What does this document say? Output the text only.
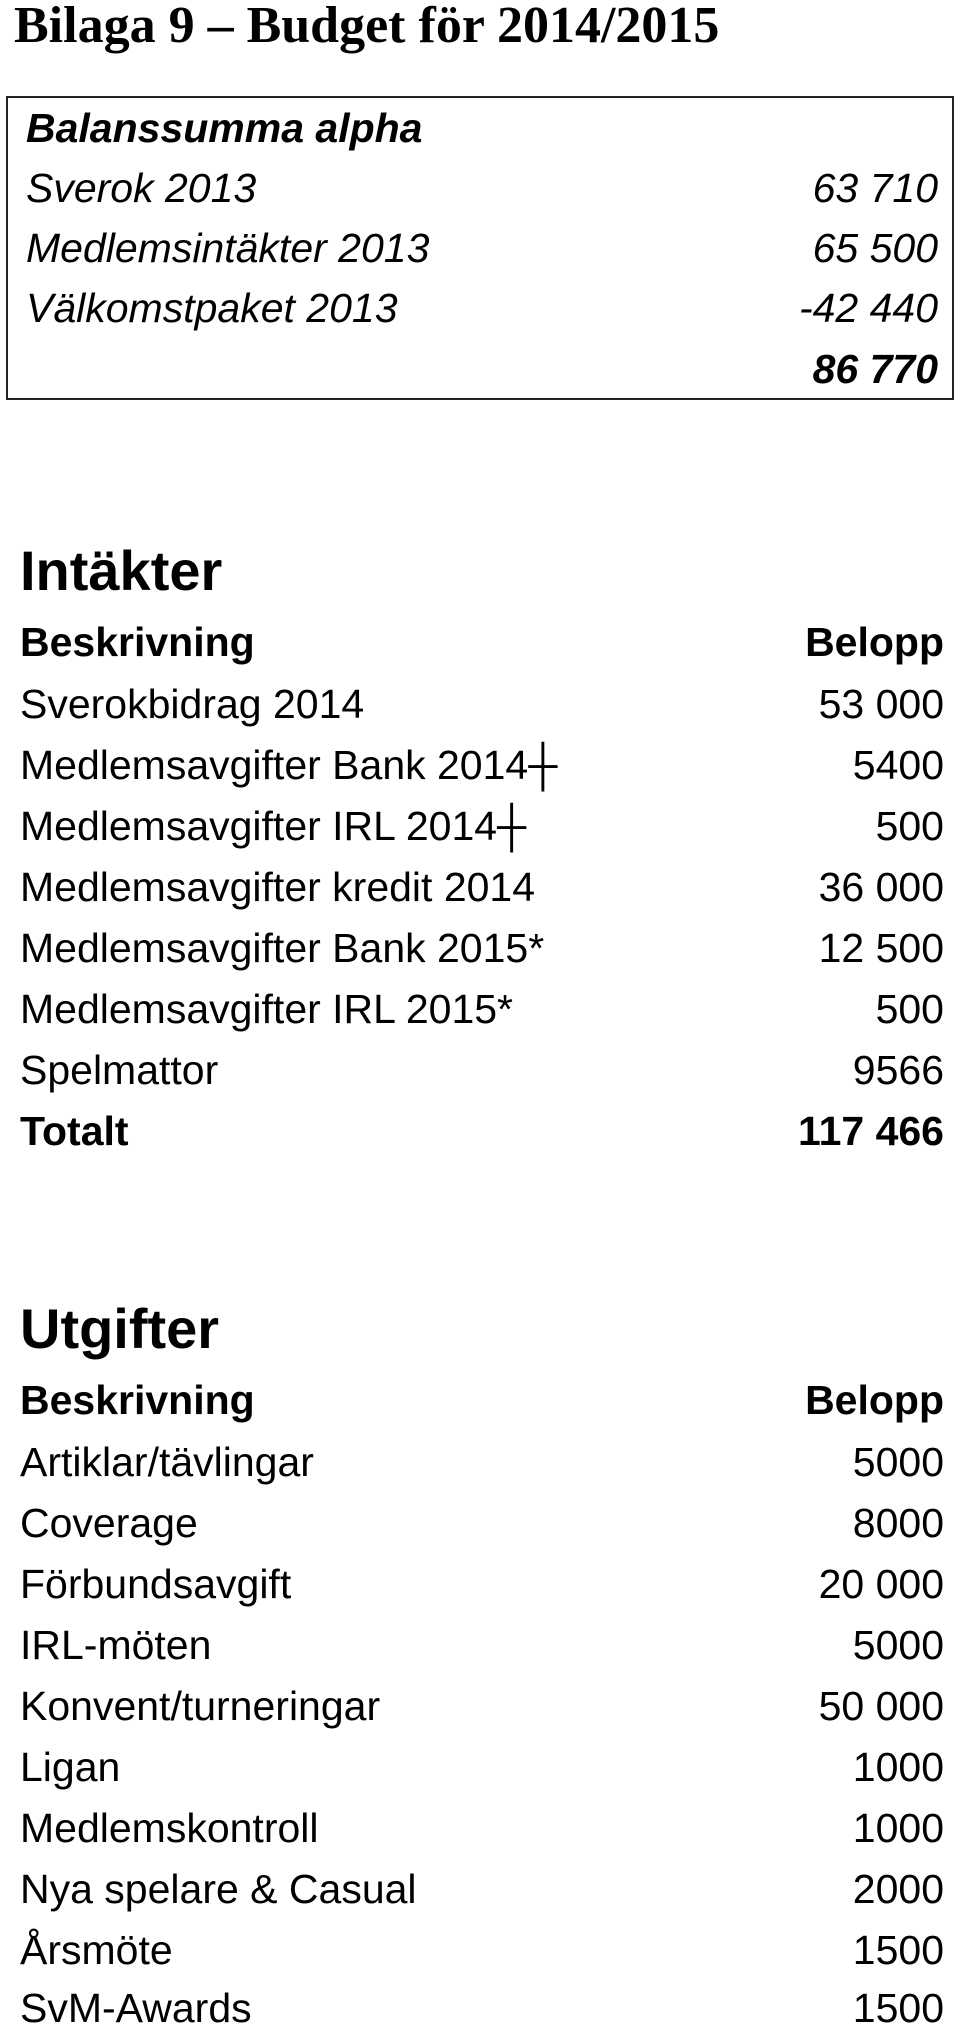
Bilaga 9 – Budget för 2014/2015
Balanssumma alpha
Sverok 2013	63 710
Medlemsintäkter 2013	65 500
Välkomstpaket 2013	-42 440
86 770
Intäkter
Beskrivning	Belopp
Sverokbidrag 2014	53 000
Medlemsavgifter Bank 2014┼	5400
Medlemsavgifter IRL 2014┼	500
Medlemsavgifter kredit 2014	36 000
Medlemsavgifter Bank 2015*	12 500
Medlemsavgifter IRL 2015*	500
Spelmattor	9566
Totalt	117 466
Utgifter
Beskrivning	Belopp
Artiklar/tävlingar	5000
Coverage	8000
Förbundsavgift	20 000
IRL-möten	5000
Konvent/turneringar	50 000
Ligan	1000
Medlemskontroll	1000
Nya spelare & Casual	2000
Årsmöte	1500
SvM-Awards	1500
